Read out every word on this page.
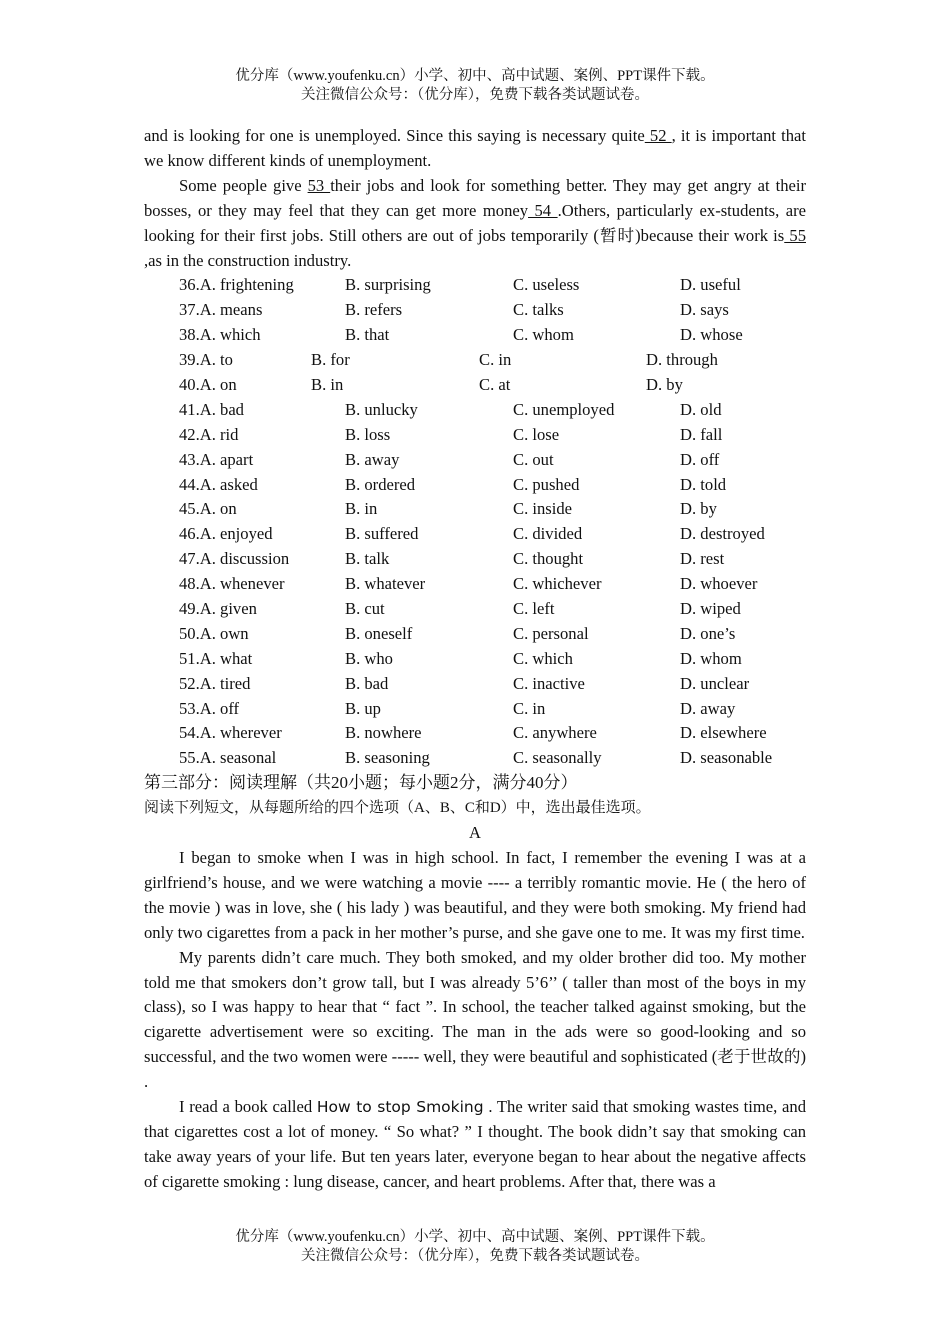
优分库（www.youfenku.cn）小学、初中、高中试题、案例、PPT课件下载。
关注微信公众号：（优分库），免费下载各类试题试卷。

and is looking for one is unemployed. Since this saying is necessary quite 52 , it is important that we know different kinds of unemployment.

Some people give 53 their jobs and look for something better. They may get angry at their bosses, or they may feel that they can get more money 54 .Others, particularly ex-students, are looking for their first jobs. Still others are out of jobs temporarily (暂时)because their work is 55 ,as in the construction industry.

36.A. frightening	B. surprising	C. useless	D. useful
37.A. means	B. refers	C. talks	D. says
38.A. which	B. that	C. whom	D. whose
39.A. to	B. for	C. in	D. through
40.A. on	B. in	C. at	D. by
41.A. bad	B. unlucky	C. unemployed	D. old
42.A. rid	B. loss	C. lose	D. fall
43.A. apart	B. away	C. out	D. off
44.A. asked	B. ordered	C. pushed	D. told
45.A. on	B. in	C. inside	D. by
46.A. enjoyed	B. suffered	C. divided	D. destroyed
47.A. discussion	B. talk	C. thought	D. rest
48.A. whenever	B. whatever	C. whichever	D. whoever
49.A. given	B. cut	C. left	D. wiped
50.A. own	B. oneself	C. personal	D. one’s
51.A. what	B. who	C. which	D. whom
52.A. tired	B. bad	C. inactive	D. unclear
53.A. off	B. up	C. in	D. away
54.A. wherever	B. nowhere	C. anywhere	D. elsewhere
55.A. seasonal	B. seasoning	C. seasonally	D. seasonable

第三部分：阅读理解（共20小题；每小题2分，满分40分）

阅读下列短文，从每题所给的四个选项（A、B、C和D）中，选出最佳选项。

A

I began to smoke when I was in high school. In fact, I remember the evening I was at a girlfriend’s house, and we were watching a movie ---- a terribly romantic movie. He ( the hero of the movie ) was in love, she ( his lady ) was beautiful, and they were both smoking. My friend had only two cigarettes from a pack in her mother’s purse, and she gave one to me. It was my first time.

My parents didn’t care much. They both smoked, and my older brother did too. My mother told me that smokers don’t grow tall, but I was already 5’6’’ ( taller than most of the boys in my class), so I was happy to hear that “ fact ”. In school, the teacher talked against smoking, but the cigarette advertisement were so exciting. The man in the ads were so good-looking and so successful, and the two women were ----- well, they were beautiful and sophisticated (老于世故的) .

I read a book called How to stop Smoking . The writer said that smoking wastes time, and that cigarettes cost a lot of money. “ So what? ” I thought. The book didn’t say that smoking can take away years of your life. But ten years later, everyone began to hear about the negative affects of cigarette smoking : lung disease, cancer, and heart problems. After that, there was a

优分库（www.youfenku.cn）小学、初中、高中试题、案例、PPT课件下载。
关注微信公众号：（优分库），免费下载各类试题试卷。
